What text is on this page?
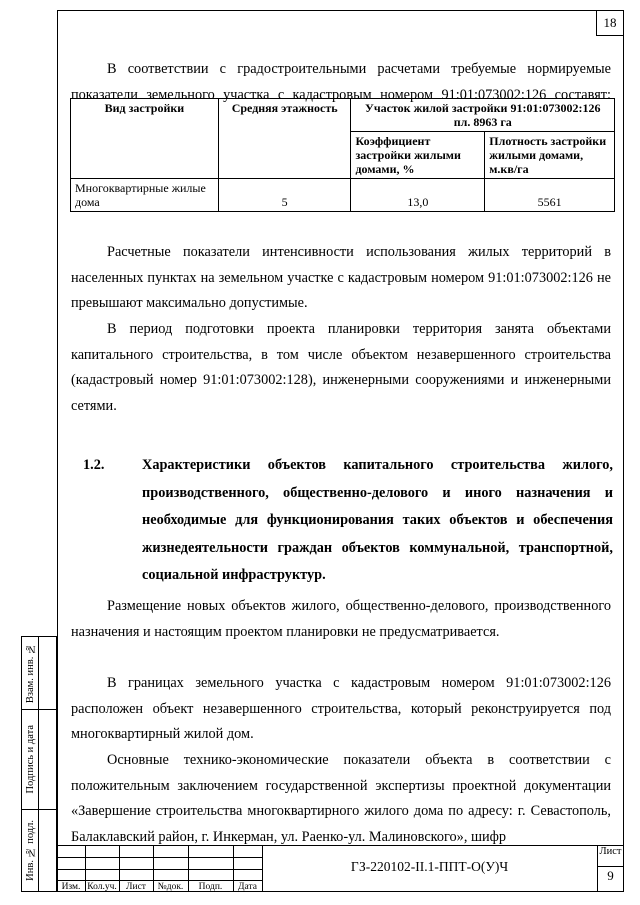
18

В соответствии с градостроительными расчетами требуемые нормируемые показатели земельного участка с кадастровым номером 91:01:073002:126 составят:

Вид застройки	Средняя этажность	Участок жилой застройки 91:01:073002:126 пл. 8963 га	
		Коэффициент застройки жилыми домами, %	Плотность застройки жилыми домами, м.кв/га
Многоквартирные жилые дома	5	13,0	5561

Расчетные показатели интенсивности использования жилых территорий в населенных пунктах на земельном участке с кадастровым номером 91:01:073002:126 не превышают максимально допустимые.

В период подготовки проекта планировки территория занята объектами капитального строительства, в том числе объектом незавершенного строительства (кадастровый номер 91:01:073002:128), инженерными сооружениями и инженерными сетями.

1.2.	Характеристики объектов капитального строительства жилого, производственного, общественно-делового и иного назначения и необходимые для функционирования таких объектов и обеспечения жизнедеятельности граждан объектов коммунальной, транспортной, социальной инфраструктур.

Размещение новых объектов жилого, общественно-делового, производственного назначения и настоящим проектом планировки не предусматривается.

В границах земельного участка с кадастровым номером 91:01:073002:126 расположен объект незавершенного строительства, который реконструируется под многоквартирный жилой дом.

Основные технико-экономические показатели объекта в соответствии с положительным заключением государственной экспертизы проектной документации «Завершение строительства многоквартирного жилого дома по адресу: г. Севастополь, Балаклавский район, г. Инкерман, ул. Раенко-ул. Малиновского», шифр

Взам. инв. №
Подпись и дата
Инв. № подл.
Изм. Кол.уч. Лист	№док.	Подп.	Дата
ГЗ-220102-II.1-ППТ-О(У)Ч
Лист
9
